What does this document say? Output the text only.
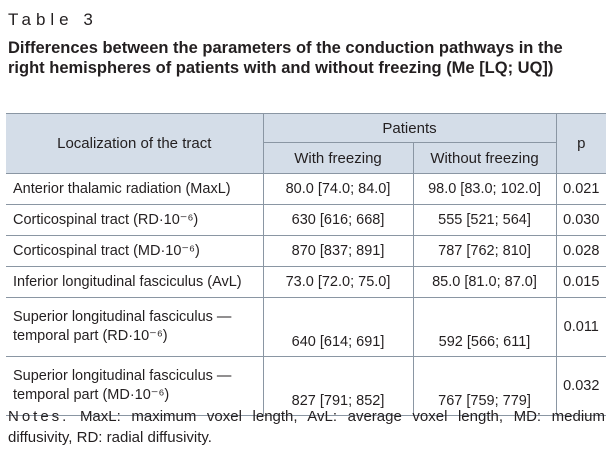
Table 3
Differences between the parameters of the conduction pathways in the right hemispheres of patients with and without freezing (Me [LQ; UQ])
Localization of the tract	Patients		p
	With freezing	Without freezing	
Anterior thalamic radiation (MaxL)	80.0 [74.0; 84.0]	98.0 [83.0; 102.0]	0.021
Corticospinal tract (RD·10⁻⁶)	630 [616; 668]	555 [521; 564]	0.030
Corticospinal tract (MD·10⁻⁶)	870 [837; 891]	787 [762; 810]	0.028
Inferior longitudinal fasciculus (AvL)	73.0 [72.0; 75.0]	85.0 [81.0; 87.0]	0.015

Superior longitudinal fasciculus —
temporal part (RD·10⁻⁶)	640 [614; 691]	592 [566; 611]	0.011

Superior longitudinal fasciculus —
temporal part (MD·10⁻⁶)	827 [791; 852]	767 [759; 779]	0.032
Notes. MaxL: maximum voxel length, AvL: average voxel length, MD: medium diffusivity, RD: radial diffusivity.
